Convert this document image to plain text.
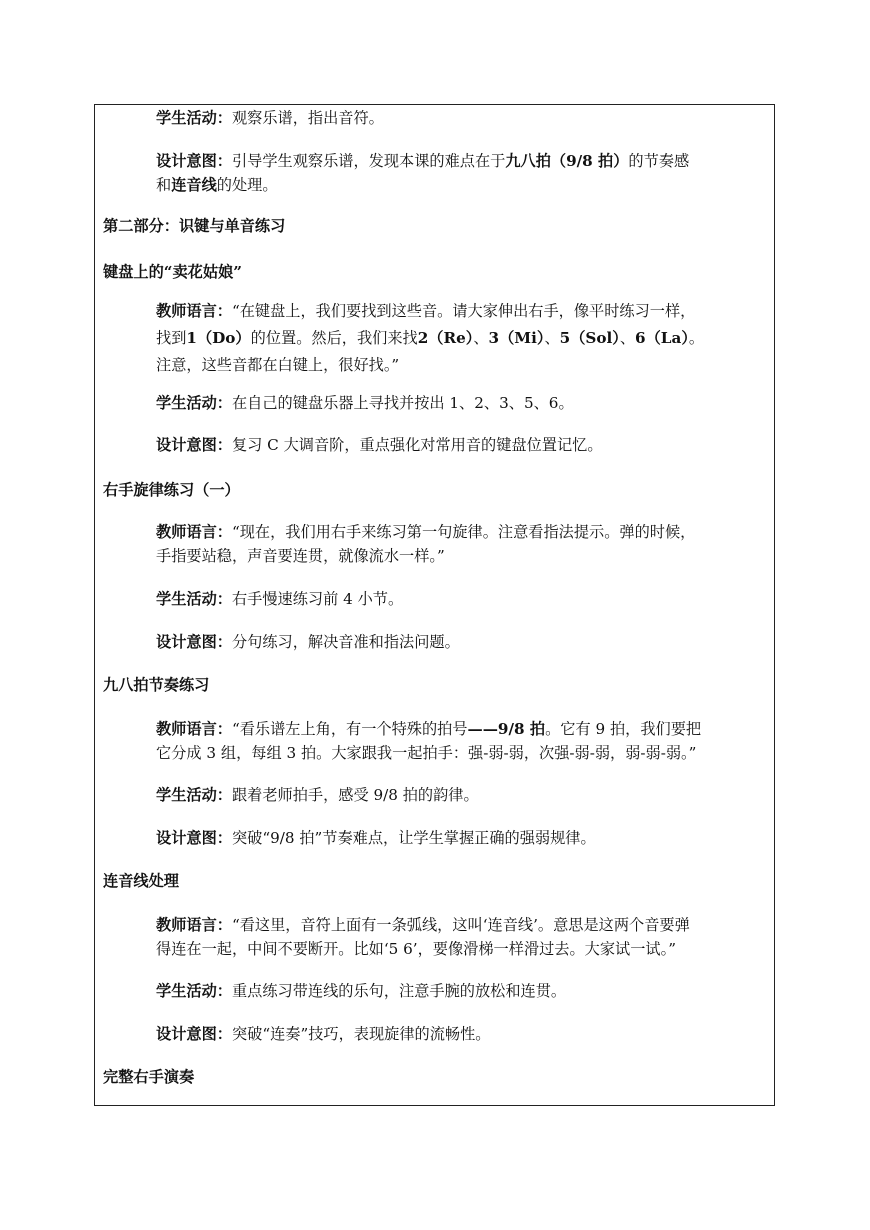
学生活动：观察乐谱，指出音符。

设计意图：引导学生观察乐谱，发现本课的难点在于九八拍（9/8 拍）的节奏感
和连音线的处理。

第二部分：识键与单音练习

键盘上的“卖花姑娘”

教师语言：“在键盘上，我们要找到这些音。请大家伸出右手，像平时练习一样，
找到1（Do）的位置。然后，我们来找2（Re）、3（Mi）、5（Sol）、6（La）。
注意，这些音都在白键上，很好找。”

学生活动：在自己的键盘乐器上寻找并按出 1、2、3、5、6。

设计意图：复习 C 大调音阶，重点强化对常用音的键盘位置记忆。

右手旋律练习（一）

教师语言：“现在，我们用右手来练习第一句旋律。注意看指法提示。弹的时候，
手指要站稳，声音要连贯，就像流水一样。”

学生活动：右手慢速练习前 4 小节。

设计意图：分句练习，解决音准和指法问题。

九八拍节奏练习

教师语言：“看乐谱左上角，有一个特殊的拍号——9/8 拍。它有 9 拍，我们要把
它分成 3 组，每组 3 拍。大家跟我一起拍手：强-弱-弱，次强-弱-弱，弱-弱-弱。”

学生活动：跟着老师拍手，感受 9/8 拍的韵律。

设计意图：突破“9/8 拍”节奏难点，让学生掌握正确的强弱规律。

连音线处理

教师语言：“看这里，音符上面有一条弧线，这叫‘连音线’。意思是这两个音要弹
得连在一起，中间不要断开。比如‘5 6’，要像滑梯一样滑过去。大家试一试。”

学生活动：重点练习带连线的乐句，注意手腕的放松和连贯。

设计意图：突破“连奏”技巧，表现旋律的流畅性。

完整右手演奏
